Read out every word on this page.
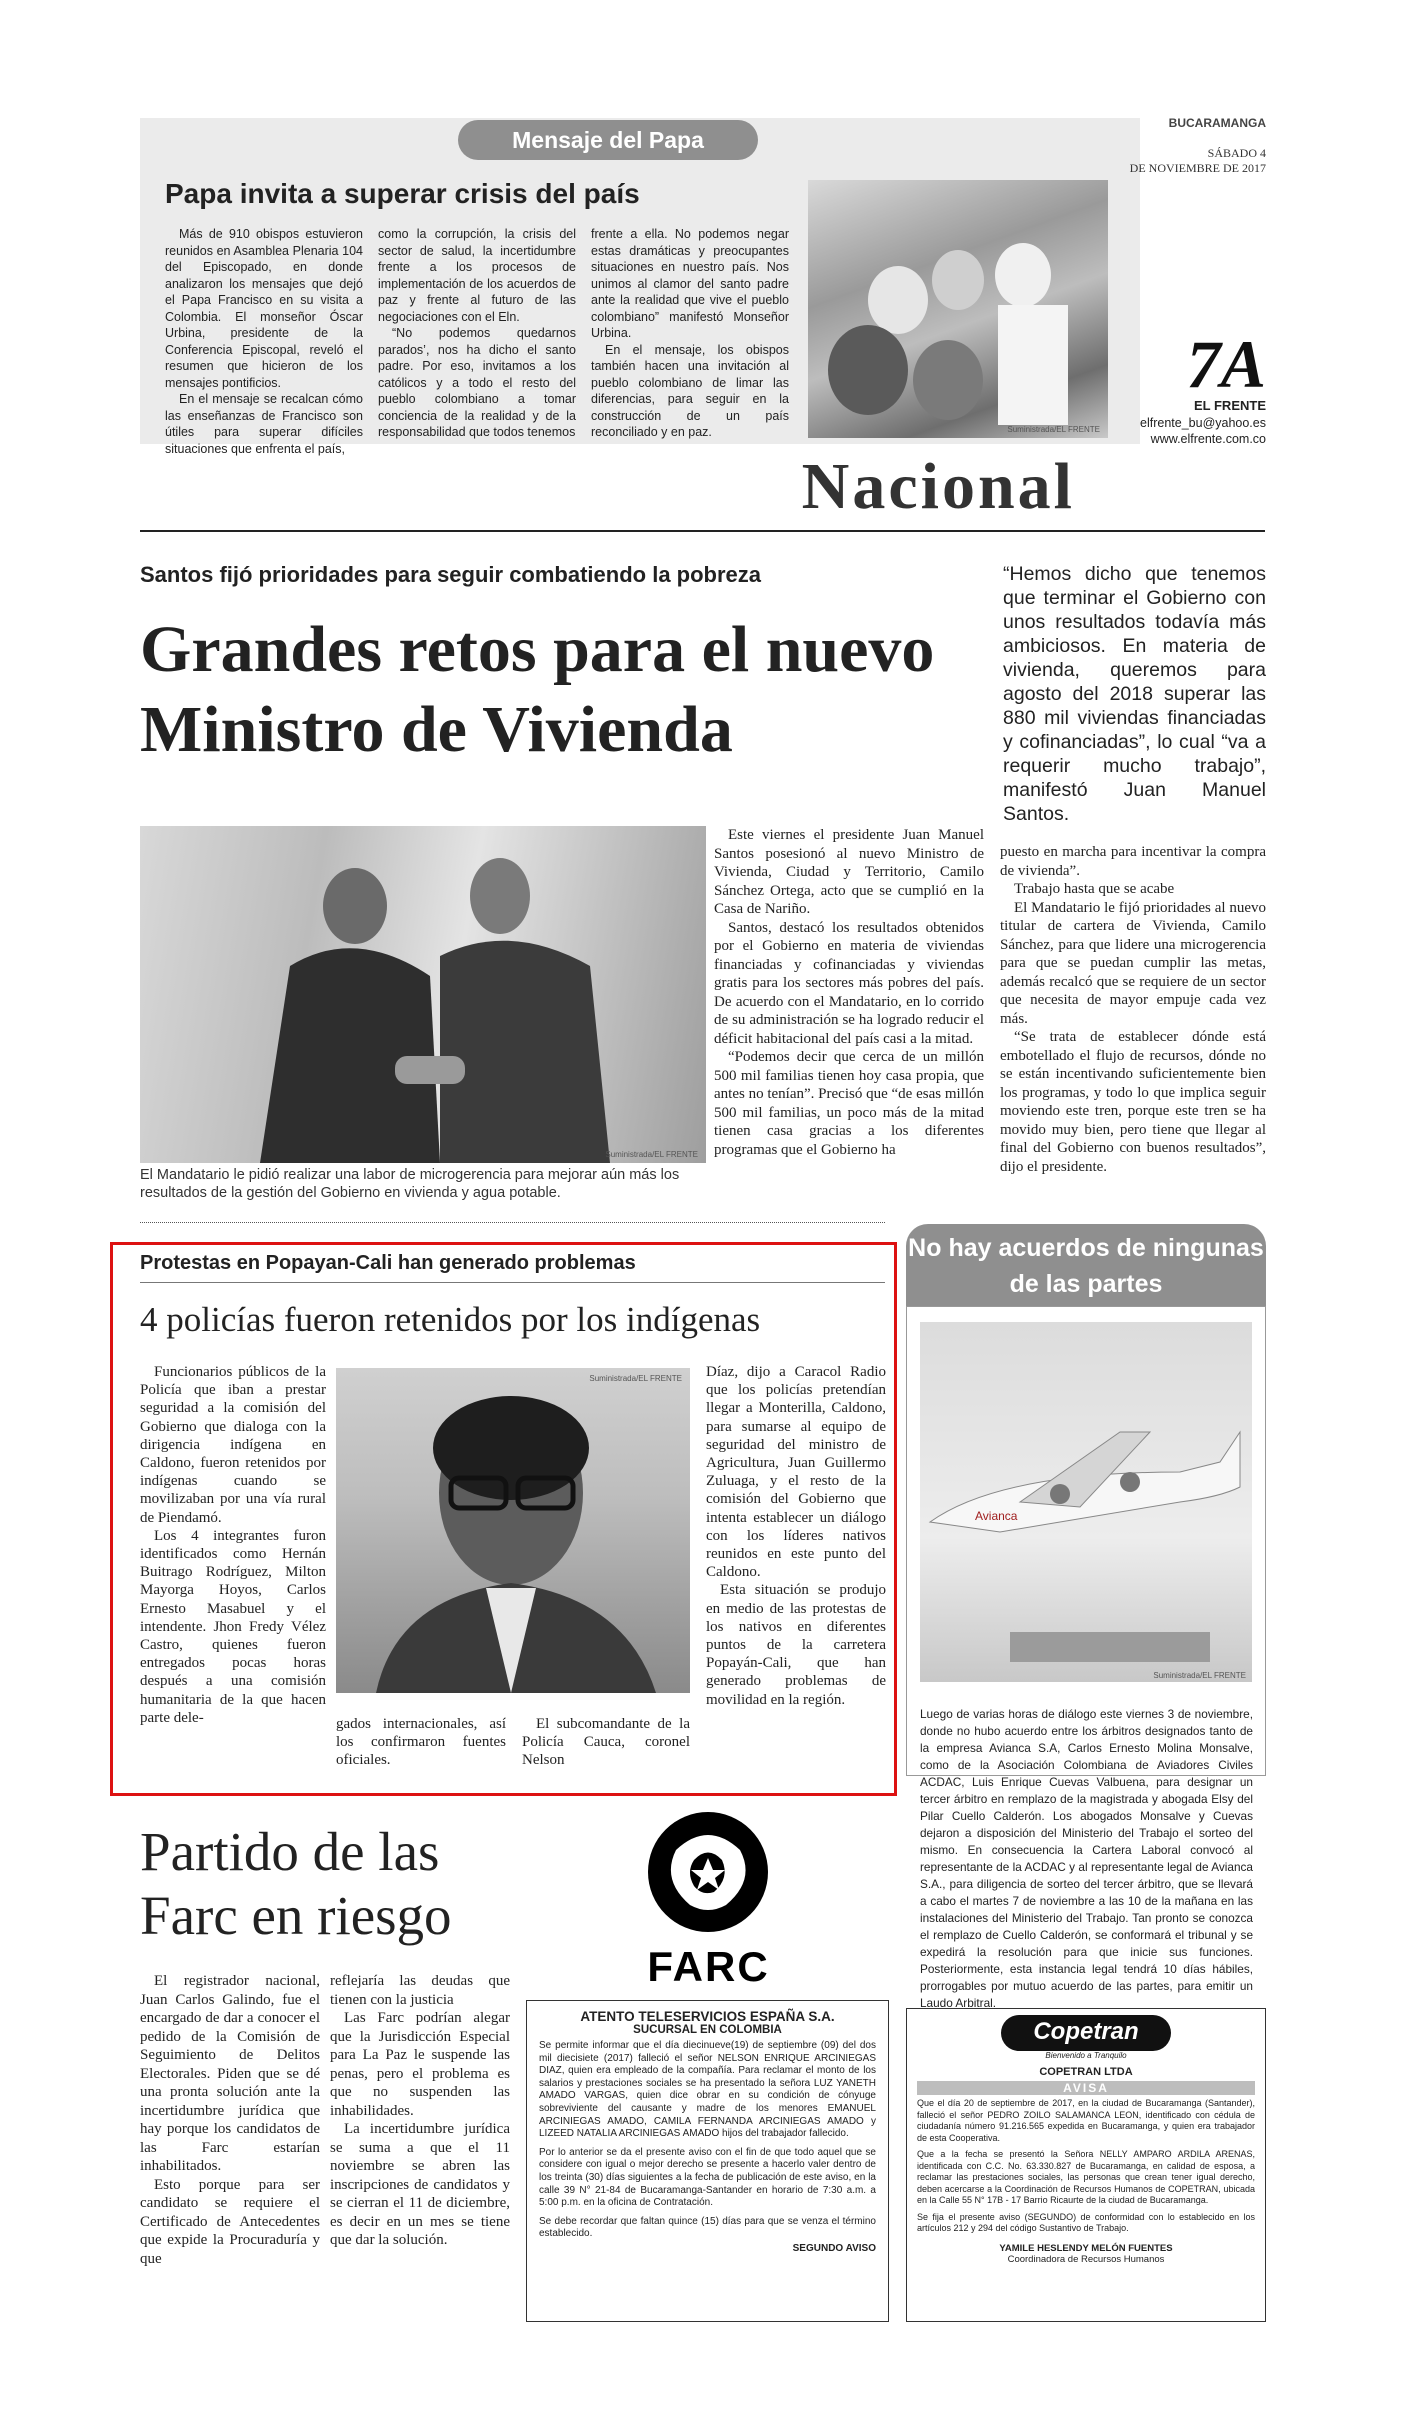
Mensaje del Papa
Papa invita a superar crisis del país

Más de 910 obispos estuvieron reunidos en Asamblea Plenaria 104 del Episcopado, en donde analizaron los mensajes que dejó el Papa Francisco en su visita a Colombia. El monseñor Óscar Urbina, presidente de la Conferencia Episcopal, reveló el resumen que hicieron de los mensajes pontificios.

En el mensaje se recalcan cómo las enseñanzas de Francisco son útiles para superar difíciles situaciones que enfrenta el país,

como la corrupción, la crisis del sector de salud, la incertidumbre frente a los procesos de implementación de los acuerdos de paz y frente al futuro de las negociaciones con el Eln.

“No podemos quedarnos parados’, nos ha dicho el santo padre. Por eso, invitamos a los católicos y a todo el resto del pueblo colombiano a tomar conciencia de la realidad y de la responsabilidad que todos tenemos

frente a ella. No podemos negar estas dramáticas y preocupantes situaciones en nuestro país. Nos unimos al clamor del santo padre ante la realidad que vive el pueblo colombiano” manifestó Monseñor Urbina.

En el mensaje, los obispos también hacen una invitación al pueblo colombiano de limar las diferencias, para seguir en la construcción de un país reconciliado y en paz.	Suministrada/EL FRENTE
BUCARAMANGA
SÁBADO 4
DE NOVIEMBRE DE 2017
7A
EL FRENTE
elfrente_bu@yahoo.es
www.elfrente.com.co
Nacional
Santos fijó prioridades para seguir combatiendo la pobreza
Grandes retos para el nuevo Ministro de Vivienda
“Hemos dicho que tenemos que terminar el Gobierno con unos resultados todavía más ambiciosos. En materia de vivienda, queremos para agosto del 2018 superar las 880 mil viviendas financiadas y cofinanciadas”, lo cual “va a requerir mucho trabajo”, manifestó Juan Manuel Santos.
Suministrada/EL FRENTE
El Mandatario le pidió realizar una labor de microgerencia para mejorar aún más los resultados de la gestión del Gobierno en vivienda y agua potable.

Este viernes el presidente Juan Manuel Santos posesionó al nuevo Ministro de Vivienda, Ciudad y Territorio, Camilo Sánchez Ortega, acto que se cumplió en la Casa de Nariño.

Santos, destacó los resultados obtenidos por el Gobierno en materia de viviendas financiadas y cofinanciadas y viviendas gratis para los sectores más pobres del país. De acuerdo con el Mandatario, en lo corrido de su administración se ha logrado reducir el déficit habitacional del país casi a la mitad.

“Podemos decir que cerca de un millón 500 mil familias tienen hoy casa propia, que antes no tenían”. Precisó que “de esas millón 500 mil familias, un poco más de la mitad tienen casa gracias a los diferentes programas que el Gobierno ha

puesto en marcha para incentivar la compra de vivienda”.

Trabajo hasta que se acabe

El Mandatario le fijó prioridades al nuevo titular de cartera de Vivienda, Camilo Sánchez, para que lidere una microgerencia para que se puedan cumplir las metas, además recalcó que se requiere de un sector que necesita de mayor empuje cada vez más.

“Se trata de establecer dónde está embotellado el flujo de recursos, dónde no se están incentivando suficientemente bien los programas, y todo lo que implica seguir moviendo este tren, porque este tren se ha movido muy bien, pero tiene que llegar al final del Gobierno con buenos resultados”, dijo el presidente.

Protestas en Popayan-Cali han generado problemas
4 policías fueron retenidos por los indígenas

Funcionarios públicos de la Policía que iban a prestar seguridad a la comisión del Gobierno que dialoga con la dirigencia indígena en Caldono, fueron retenidos por indígenas cuando se movilizaban por una vía rural de Piendamó.

Los 4 integrantes furon identificados como Hernán Buitrago Rodríguez, Milton Mayorga Hoyos, Carlos Ernesto Masabuel y el intendente. Jhon Fredy Vélez Castro, quienes fueron entregados pocas horas después a una comisión humanitaria de la que hacen parte dele-

Suministrada/EL FRENTE

gados internacionales, así los confirmaron fuentes oficiales.

El subcomandante de la Policía Cauca, coronel Nelson

Díaz, dijo a Caracol Radio que los policías pretendían llegar a Monterilla, Caldono, para sumarse al equipo de seguridad del ministro de Agricultura, Juan Guillermo Zuluaga, y el resto de la comisión del Gobierno que intenta establecer un diálogo con los líderes nativos reunidos en este punto del Caldono.

Esta situación se produjo en medio de las protestas de los nativos en diferentes puntos de la carretera Popayán-Cali, que han generado problemas de movilidad en la región.

No hay acuerdos de ningunas de las partes
Avianca
Suministrada/EL FRENTE
Luego de varias horas de diálogo este viernes 3 de noviembre, donde no hubo acuerdo entre los árbitros designados tanto de la empresa Avianca S.A, Carlos Ernesto Molina Monsalve, como de la Asociación Colombiana de Aviadores Civiles ACDAC, Luis Enrique Cuevas Valbuena, para designar un tercer árbitro en remplazo de la magistrada y abogada Elsy del Pilar Cuello Calderón. Los abogados Monsalve y Cuevas dejaron a disposición del Ministerio del Trabajo el sorteo del mismo. En consecuencia la Cartera Laboral convocó al representante de la ACDAC y al representante legal de Avianca S.A., para diligencia de sorteo del tercer árbitro, que se llevará a cabo el martes 7 de noviembre a las 10 de la mañana en las instalaciones del Ministerio del Trabajo. Tan pronto se conozca el remplazo de Cuello Calderón, se conformará el tribunal y se expedirá la resolución para que inicie sus funciones. Posteriormente, esta instancia legal tendrá 10 días hábiles, prorrogables por mutuo acuerdo de las partes, para emitir un Laudo Arbitral.
Partido de las Farc en riesgo

El registrador nacional, Juan Carlos Galindo, fue el encargado de dar a conocer el pedido de la Comisión de Seguimiento de Delitos Electorales. Piden que se dé una pronta solución ante la incertidumbre jurídica que hay porque los candidatos de las Farc estarían inhabilitados.

Esto porque para ser candidato se requiere el Certificado de Antecedentes que expide la Procuraduría y que

reflejaría las deudas que tienen con la justicia

Las Farc podrían alegar que la Jurisdicción Especial para La Paz le suspende las penas, pero el problema es que no suspenden las inhabilidades.

La incertidumbre jurídica se suma a que el 11 noviembre se abren las inscripciones de candidatos y se cierran el 11 de diciembre, es decir en un mes se tiene que dar la solución.

FARC
ATENTO TELESERVICIOS ESPAÑA S.A.
SUCURSAL EN COLOMBIA
Se permite informar que el día diecinueve(19) de septiembre (09) del dos mil diecisiete (2017) falleció el señor NELSON ENRIQUE ARCINIEGAS DIAZ, quien era empleado de la compañía. Para reclamar el monto de los salarios y prestaciones sociales se ha presentado la señora LUZ YANETH AMADO VARGAS, quien dice obrar en su condición de cónyuge sobreviviente del causante y madre de los menores EMANUEL ARCINIEGAS AMADO, CAMILA FERNANDA ARCINIEGAS AMADO y LIZEED NATALIA ARCINIEGAS AMADO hijos del trabajador fallecido.
Por lo anterior se da el presente aviso con el fin de que todo aquel que se considere con igual o mejor derecho se presente a hacerlo valer dentro de los treinta (30) días siguientes a la fecha de publicación de este aviso, en la calle 39 N° 21-84 de Bucaramanga-Santander en horario de 7:30 a.m. a 5:00 p.m. en la oficina de Contratación.
Se debe recordar que faltan quince (15) días para que se venza el término establecido.
SEGUNDO AVISO
Copetran
Bienvenido a Tranquilo
COPETRAN LTDA
AVISA
Que el día 20 de septiembre de 2017, en la ciudad de Bucaramanga (Santander), falleció el señor PEDRO ZOILO SALAMANCA LEON, identificado con cédula de ciudadanía número 91.216.565 expedida en Bucaramanga, y quien era trabajador de esta Cooperativa.
Que a la fecha se presentó la Señora NELLY AMPARO ARDILA ARENAS, identificada con C.C. No. 63.330.827 de Bucaramanga, en calidad de esposa, a reclamar las prestaciones sociales, las personas que crean tener igual derecho, deben acercarse a la Coordinación de Recursos Humanos de COPETRAN, ubicada en la Calle 55 N° 17B - 17 Barrio Ricaurte de la ciudad de Bucaramanga.
Se fija el presente aviso (SEGUNDO) de conformidad con lo establecido en los artículos 212 y 294 del código Sustantivo de Trabajo.
YAMILE HESLENDY MELÓN FUENTES
Coordinadora de Recursos Humanos
